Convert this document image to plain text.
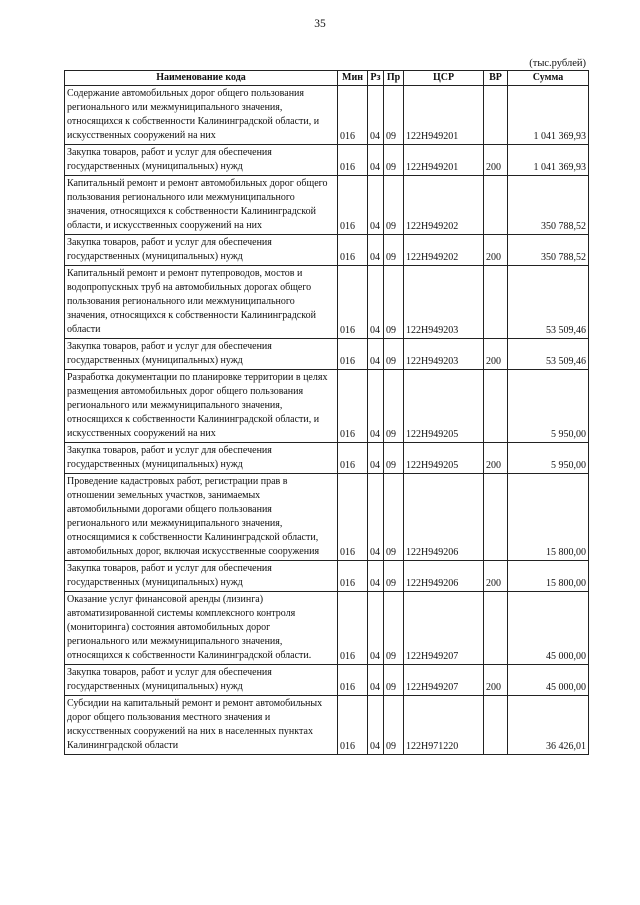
35
(тыс.рублей)
Наименование кода	Мин	Рз	Пр	ЦСР	ВР	Сумма
Содержание автомобильных дорог общего пользования регионального или межмуниципального значения, относящихся к собственности Калининградской области, и искусственных сооружений на них	016	04	09	122Н949201		1 041 369,93
Закупка товаров, работ и услуг для обеспечения государственных (муниципальных) нужд	016	04	09	122Н949201	200	1 041 369,93
Капитальный ремонт и ремонт автомобильных дорог общего пользования регионального или межмуниципального значения, относящихся к собственности Калининградской области, и искусственных сооружений на них	016	04	09	122Н949202		350 788,52
Закупка товаров, работ и услуг для обеспечения государственных (муниципальных) нужд	016	04	09	122Н949202	200	350 788,52
Капитальный ремонт и ремонт путепроводов, мостов и водопропускных труб на автомобильных дорогах общего пользования регионального или межмуниципального значения, относящихся к собственности Калининградской области	016	04	09	122Н949203		53 509,46
Закупка товаров, работ и услуг для обеспечения государственных (муниципальных) нужд	016	04	09	122Н949203	200	53 509,46
Разработка документации по планировке территории в целях размещения автомобильных дорог общего пользования регионального или межмуниципального значения, относящихся к собственности Калининградской области, и искусственных сооружений на них	016	04	09	122Н949205		5 950,00
Закупка товаров, работ и услуг для обеспечения государственных (муниципальных) нужд	016	04	09	122Н949205	200	5 950,00
Проведение кадастровых работ, регистрации прав в отношении земельных участков, занимаемых автомобильными дорогами общего пользования регионального или межмуниципального значения, относящимися к собственности Калининградской области, автомобильных дорог, включая искусственные сооружения	016	04	09	122Н949206		15 800,00
Закупка товаров, работ и услуг для обеспечения государственных (муниципальных) нужд	016	04	09	122Н949206	200	15 800,00
Оказание услуг финансовой аренды (лизинга) автоматизированной системы комплексного контроля (мониторинга) состояния автомобильных дорог регионального или межмуниципального значения, относящихся к собственности Калининградской области.	016	04	09	122Н949207		45 000,00
Закупка товаров, работ и услуг для обеспечения государственных (муниципальных) нужд	016	04	09	122Н949207	200	45 000,00
Субсидии на капитальный ремонт и ремонт автомобильных дорог общего пользования местного значения и искусственных сооружений на них в населенных пунктах Калининградской области	016	04	09	122Н971220		36 426,01
